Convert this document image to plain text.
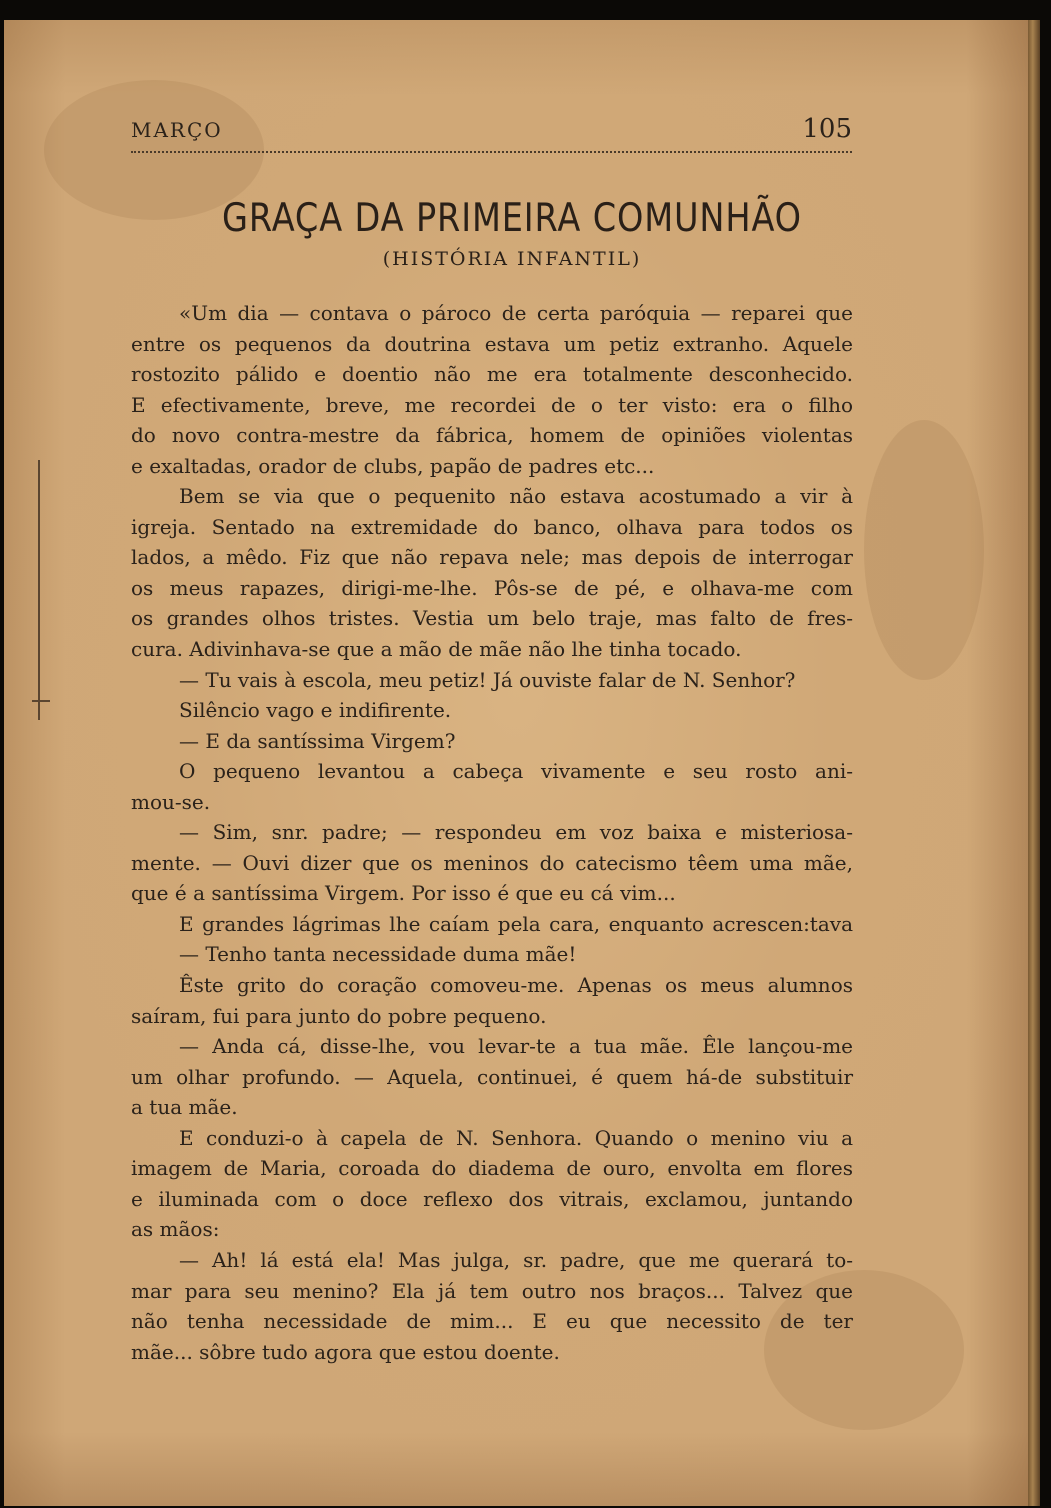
MARÇO	105
GRAÇA DA PRIMEIRA COMUNHÃO
(HISTÓRIA INFANTIL)
«Um dia — contava o pároco de certa paróquia — reparei que
entre os pequenos da doutrina estava um petiz extranho. Aquele
rostozito pálido e doentio não me era totalmente desconhecido.
E efectivamente, breve, me recordei de o ter visto: era o filho
do novo contra-mestre da fábrica, homem de opiniões violentas
e exaltadas, orador de clubs, papão de padres etc...
Bem se via que o pequenito não estava acostumado a vir à
igreja. Sentado na extremidade do banco, olhava para todos os
lados, a mêdo. Fiz que não repava nele; mas depois de interrogar
os meus rapazes, dirigi-me-lhe. Pôs-se de pé, e olhava-me com
os grandes olhos tristes. Vestia um belo traje, mas falto de fres-
cura. Adivinhava-se que a mão de mãe não lhe tinha tocado.
— Tu vais à escola, meu petiz! Já ouviste falar de N. Senhor?
Silêncio vago e indifirente.
— E da santíssima Virgem?
O pequeno levantou a cabeça vivamente e seu rosto ani-
mou-se.
— Sim, snr. padre; — respondeu em voz baixa e misteriosa-
mente. — Ouvi dizer que os meninos do catecismo têem uma mãe,
que é a santíssima Virgem. Por isso é que eu cá vim...
E grandes lágrimas lhe caíam pela cara, enquanto acrescen:tava
— Tenho tanta necessidade duma mãe!
Êste grito do coração comoveu-me. Apenas os meus alumnos
saíram, fui para junto do pobre pequeno.
— Anda cá, disse-lhe, vou levar-te a tua mãe. Êle lançou-me
um olhar profundo. — Aquela, continuei, é quem há-de substituir
a tua mãe.
E conduzi-o à capela de N. Senhora. Quando o menino viu a
imagem de Maria, coroada do diadema de ouro, envolta em flores
e iluminada com o doce reflexo dos vitrais, exclamou, juntando
as mãos:
— Ah! lá está ela! Mas julga, sr. padre, que me querará to-
mar para seu menino? Ela já tem outro nos braços... Talvez que
não tenha necessidade de mim... E eu que necessito de ter
mãe... sôbre tudo agora que estou doente.
